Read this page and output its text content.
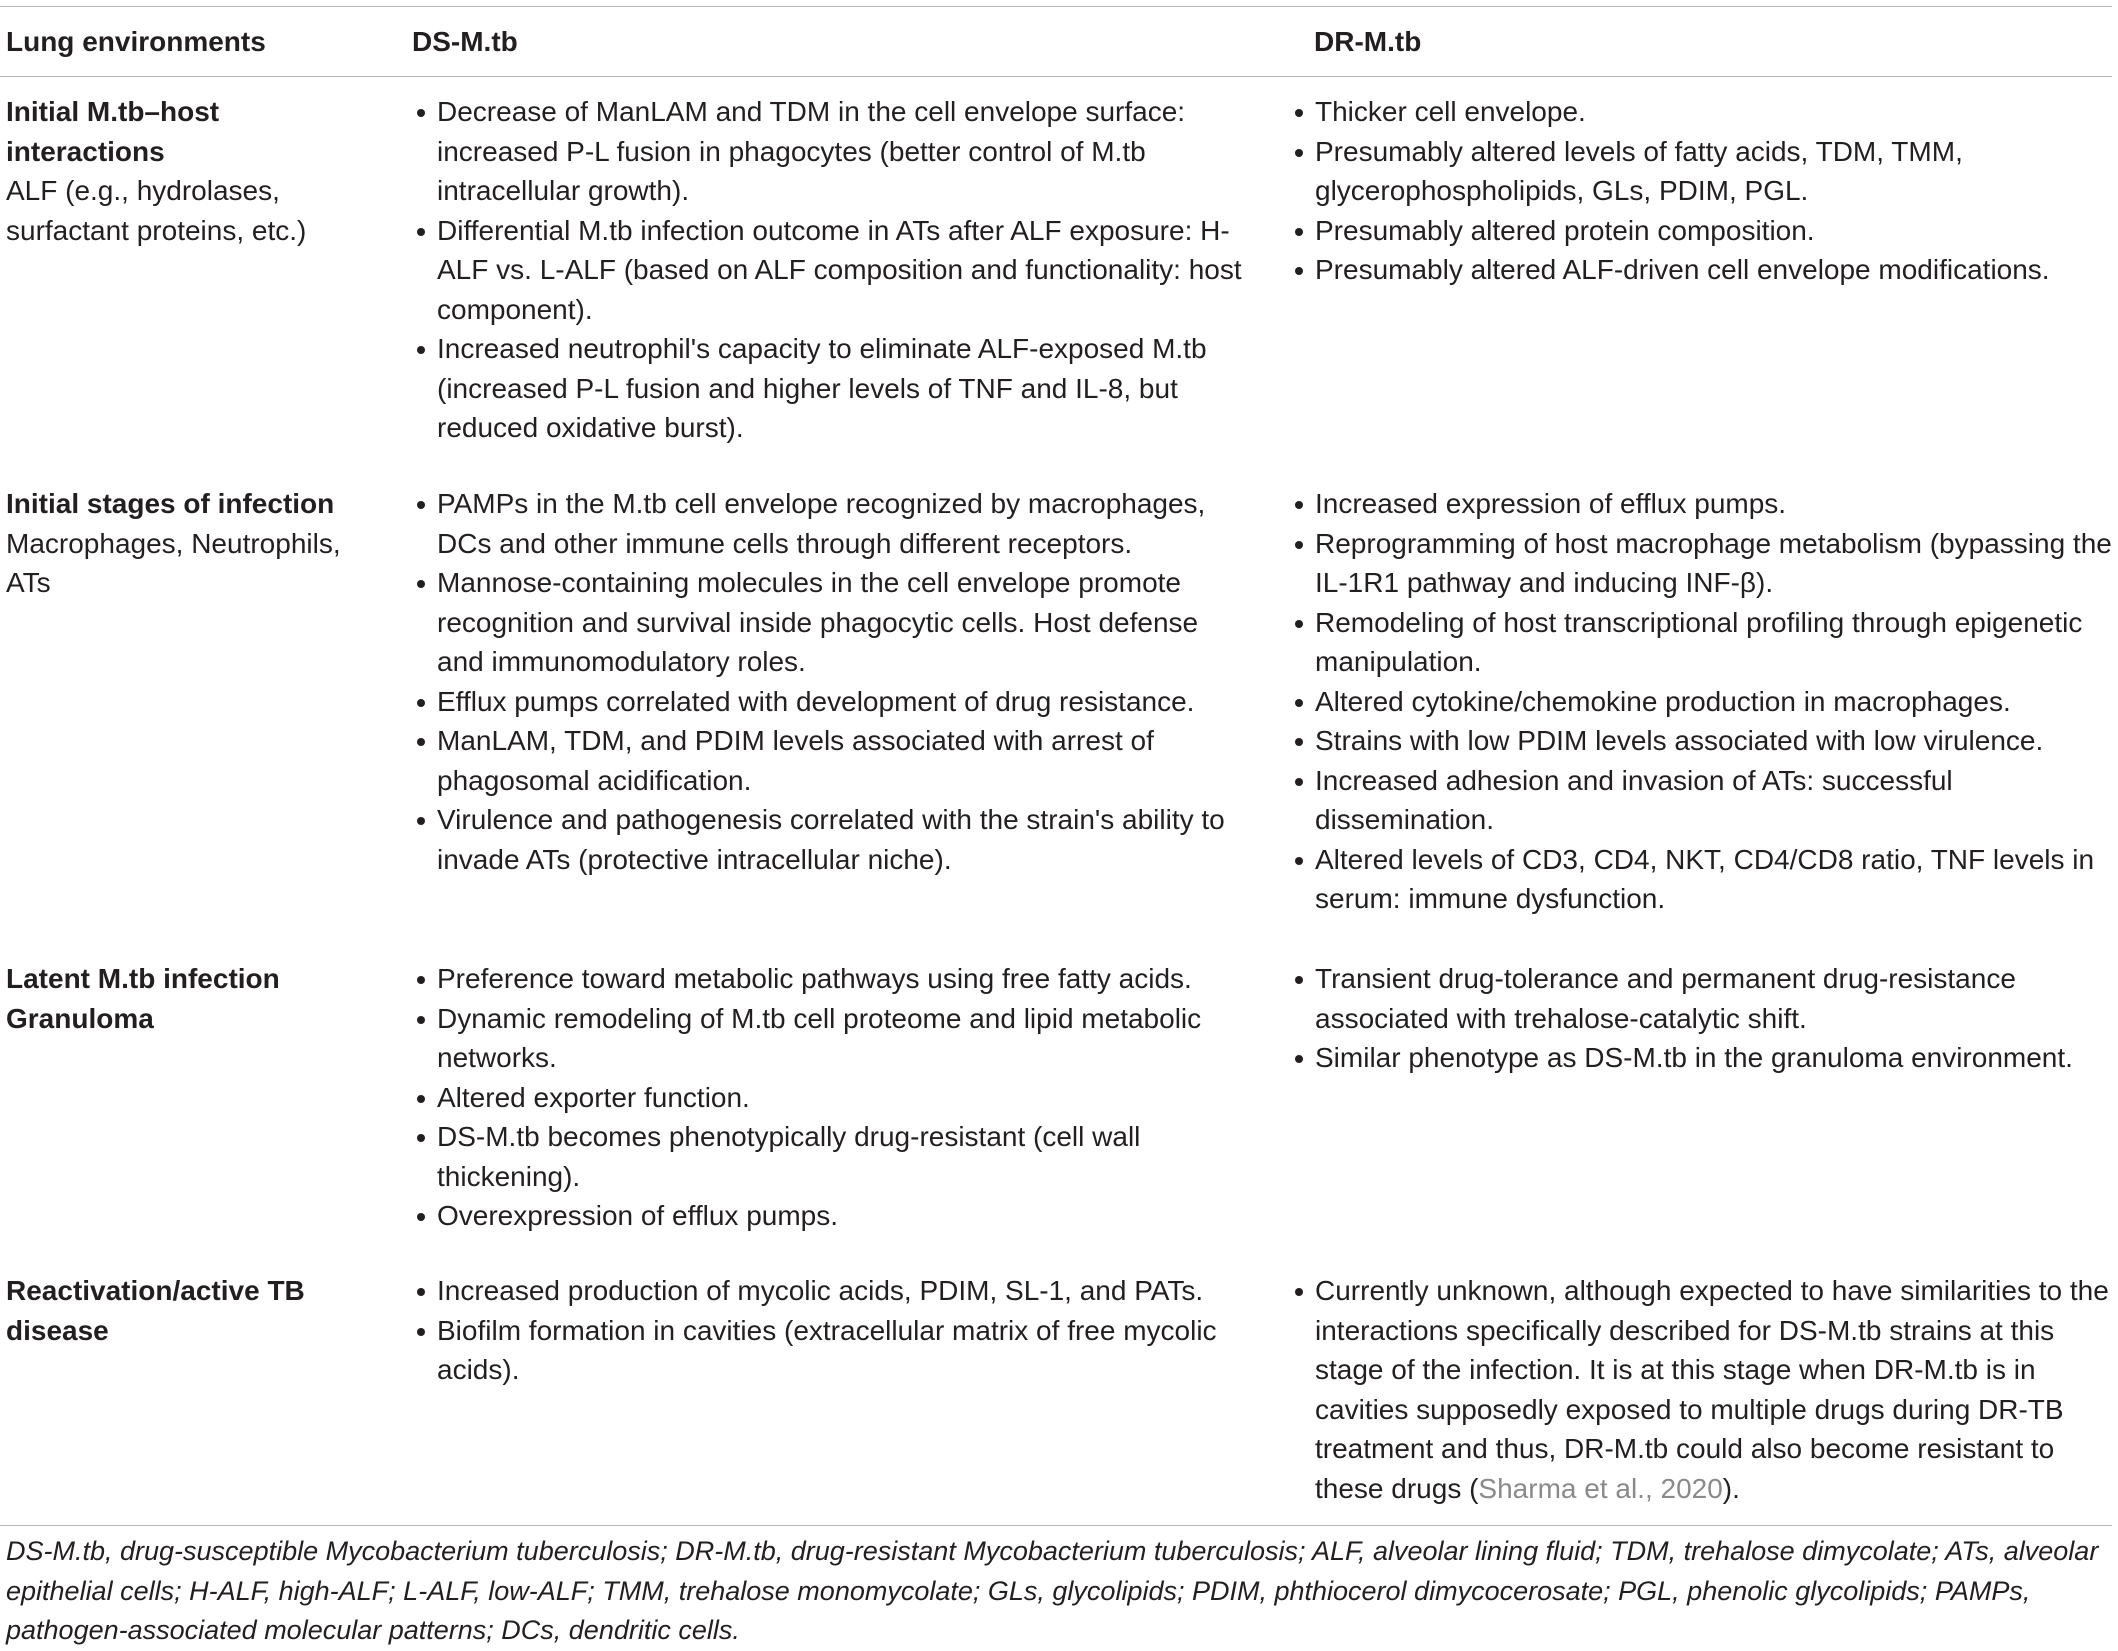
Lung environments	DS-M.tb	DR-M.tb
Initial M.tb–host interactions
ALF (e.g., hydrolases, surfactant proteins, etc.)
Decrease of ManLAM and TDM in the cell envelope surface: increased P-L fusion in phagocytes (better control of M.tb intracellular growth).
Differential M.tb infection outcome in ATs after ALF exposure: H-ALF vs. L-ALF (based on ALF composition and functionality: host component).
Increased neutrophil's capacity to eliminate ALF-exposed M.tb (increased P-L fusion and higher levels of TNF and IL-8, but reduced oxidative burst).
Thicker cell envelope.
Presumably altered levels of fatty acids, TDM, TMM, glycerophospholipids, GLs, PDIM, PGL.
Presumably altered protein composition.
Presumably altered ALF-driven cell envelope modifications.
Initial stages of infection
Macrophages, Neutrophils, ATs
PAMPs in the M.tb cell envelope recognized by macrophages, DCs and other immune cells through different receptors.
Mannose-containing molecules in the cell envelope promote recognition and survival inside phagocytic cells. Host defense and immunomodulatory roles.
Efflux pumps correlated with development of drug resistance.
ManLAM, TDM, and PDIM levels associated with arrest of phagosomal acidification.
Virulence and pathogenesis correlated with the strain's ability to invade ATs (protective intracellular niche).
Increased expression of efflux pumps.
Reprogramming of host macrophage metabolism (bypassing the IL-1R1 pathway and inducing INF-β).
Remodeling of host transcriptional profiling through epigenetic manipulation.
Altered cytokine/chemokine production in macrophages.
Strains with low PDIM levels associated with low virulence.
Increased adhesion and invasion of ATs: successful dissemination.
Altered levels of CD3, CD4, NKT, CD4/CD8 ratio, TNF levels in serum: immune dysfunction.
Latent M.tb infection Granuloma
Preference toward metabolic pathways using free fatty acids.
Dynamic remodeling of M.tb cell proteome and lipid metabolic networks.
Altered exporter function.
DS-M.tb becomes phenotypically drug-resistant (cell wall thickening).
Overexpression of efflux pumps.
Transient drug-tolerance and permanent drug-resistance associated with trehalose-catalytic shift.
Similar phenotype as DS-M.tb in the granuloma environment.
Reactivation/active TB disease
Increased production of mycolic acids, PDIM, SL-1, and PATs.
Biofilm formation in cavities (extracellular matrix of free mycolic acids).
Currently unknown, although expected to have similarities to the interactions specifically described for DS-M.tb strains at this stage of the infection. It is at this stage when DR-M.tb is in cavities supposedly exposed to multiple drugs during DR-TB treatment and thus, DR-M.tb could also become resistant to these drugs (Sharma et al., 2020).
DS-M.tb, drug-susceptible Mycobacterium tuberculosis; DR-M.tb, drug-resistant Mycobacterium tuberculosis; ALF, alveolar lining fluid; TDM, trehalose dimycolate; ATs, alveolar epithelial cells; H-ALF, high-ALF; L-ALF, low-ALF; TMM, trehalose monomycolate; GLs, glycolipids; PDIM, phthiocerol dimycocerosate; PGL, phenolic glycolipids; PAMPs, pathogen-associated molecular patterns; DCs, dendritic cells.
